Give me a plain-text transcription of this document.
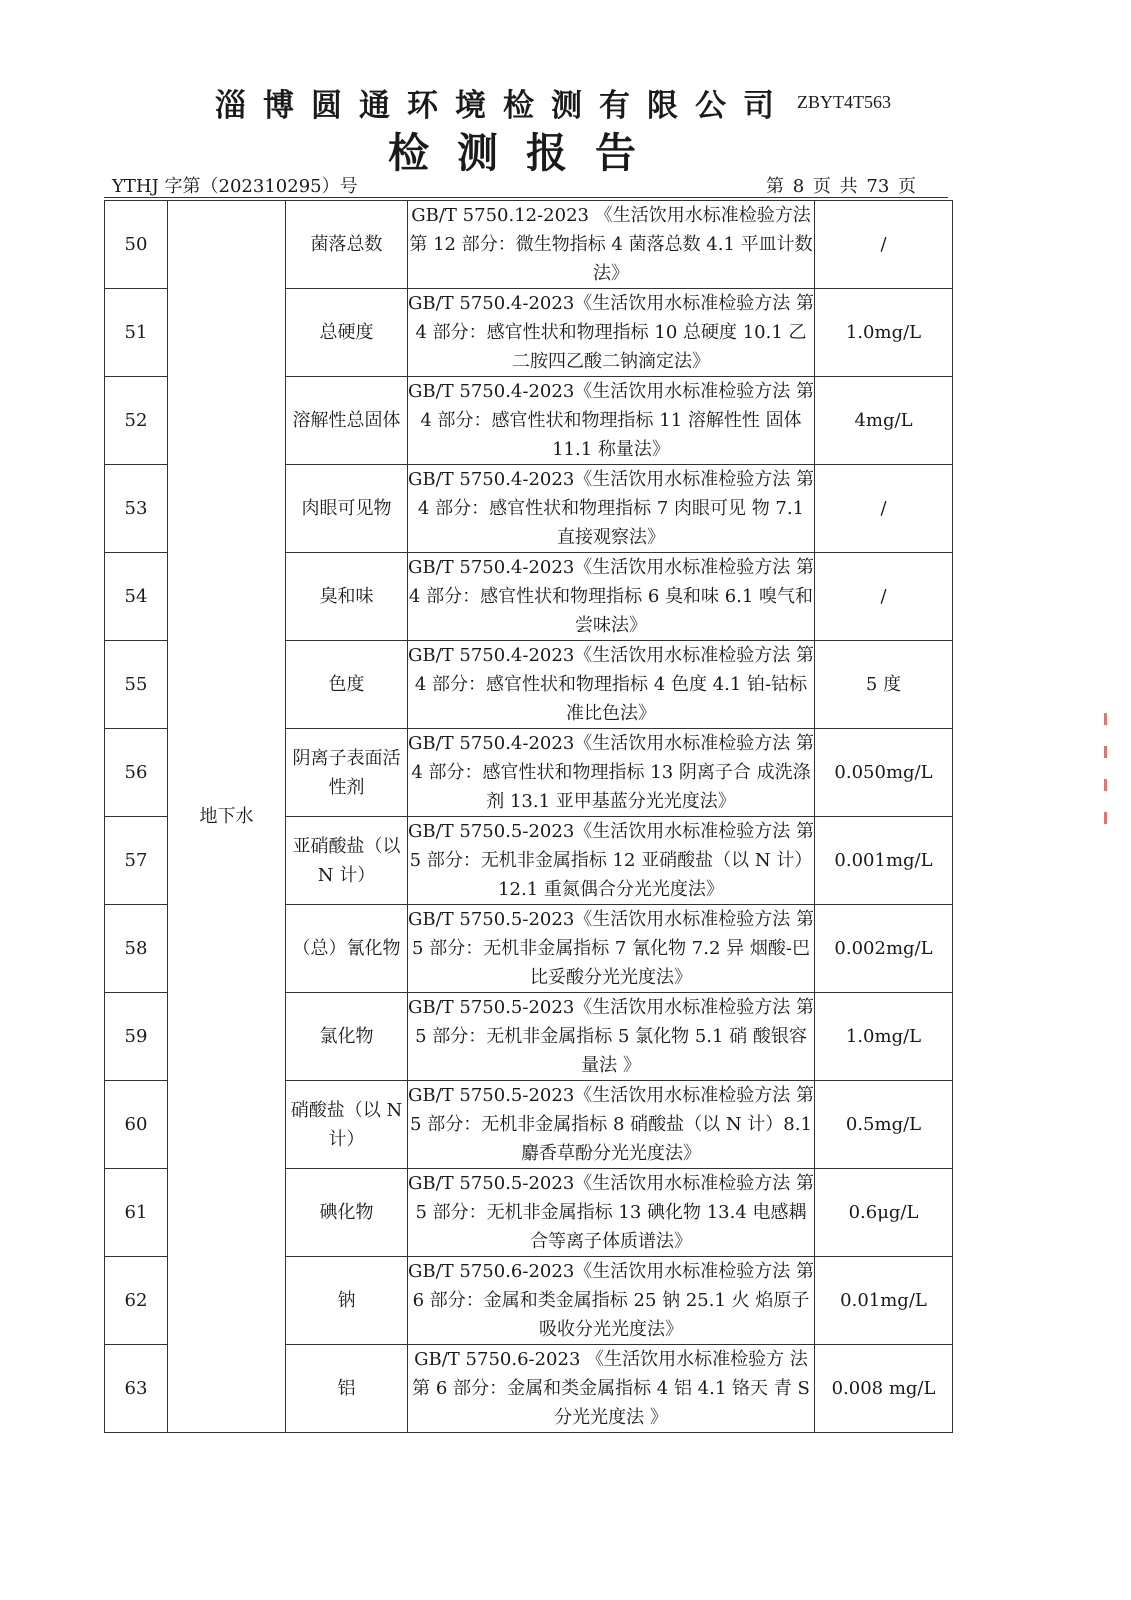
淄博圆通环境检测有限公司 ZBYT4T563
检测报告
YTHJ 字第（202310295）号	第 8 页 共 73 页
50	地下水	菌落总数	GB/T 5750.12-2023 《生活饮用水标准检验方法 第 12 部分：微生物指标 4 菌落总数 4.1 平皿计数法》	/
51		总硬度	GB/T 5750.4-2023《生活饮用水标准检验方法 第 4 部分：感官性状和物理指标 10 总硬度 10.1 乙二胺四乙酸二钠滴定法》	1.0mg/L
52		溶解性总固体	GB/T 5750.4-2023《生活饮用水标准检验方法 第 4 部分：感官性状和物理指标 11 溶解性性 固体 11.1 称量法》	4mg/L
53		肉眼可见物	GB/T 5750.4-2023《生活饮用水标准检验方法 第 4 部分：感官性状和物理指标 7 肉眼可见 物 7.1 直接观察法》	/
54		臭和味	GB/T 5750.4-2023《生活饮用水标准检验方法 第 4 部分：感官性状和物理指标 6 臭和味 6.1 嗅气和尝味法》	/
55		色度	GB/T 5750.4-2023《生活饮用水标准检验方法 第 4 部分：感官性状和物理指标 4 色度 4.1 铂-钴标准比色法》	5 度
56		阴离子表面活性剂	GB/T 5750.4-2023《生活饮用水标准检验方法 第 4 部分：感官性状和物理指标 13 阴离子合 成洗涤剂 13.1 亚甲基蓝分光光度法》	0.050mg/L
57		亚硝酸盐（以 N 计）	GB/T 5750.5-2023《生活饮用水标准检验方法 第 5 部分：无机非金属指标 12 亚硝酸盐（以 N 计）12.1 重氮偶合分光光度法》	0.001mg/L
58		（总）氰化物	GB/T 5750.5-2023《生活饮用水标准检验方法 第 5 部分：无机非金属指标 7 氰化物 7.2 异 烟酸-巴比妥酸分光光度法》	0.002mg/L
59		氯化物	GB/T 5750.5-2023《生活饮用水标准检验方法 第 5 部分：无机非金属指标 5 氯化物 5.1 硝 酸银容量法 》	1.0mg/L
60		硝酸盐（以 N 计）	GB/T 5750.5-2023《生活饮用水标准检验方法 第 5 部分：无机非金属指标 8 硝酸盐（以 N 计）8.1 麝香草酚分光光度法》	0.5mg/L
61		碘化物	GB/T 5750.5-2023《生活饮用水标准检验方法 第 5 部分：无机非金属指标 13 碘化物 13.4 电感耦合等离子体质谱法》	0.6μg/L
62		钠	GB/T 5750.6-2023《生活饮用水标准检验方法 第 6 部分：金属和类金属指标 25 钠 25.1 火 焰原子吸收分光光度法》	0.01mg/L
63		铝	GB/T 5750.6-2023 《生活饮用水标准检验方 法 第 6 部分：金属和类金属指标 4 铝 4.1 铬天 青 S 分光光度法 》	0.008 mg/L
